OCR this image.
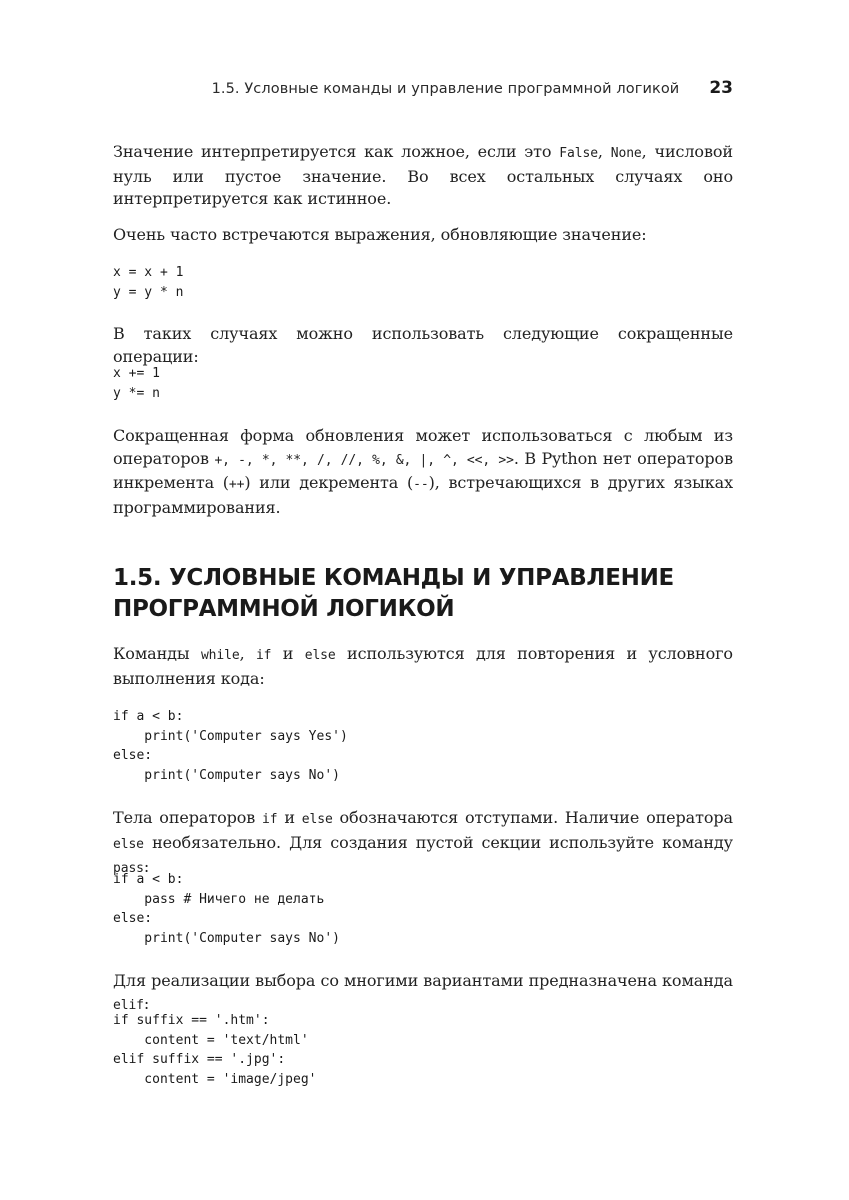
1.5. Условные команды и управление программной логикой 23

Значение интерпретируется как ложное, если это False, None, числовой нуль или пустое значение. Во всех остальных случаях оно интерпретируется как истинное.

Очень часто встречаются выражения, обновляющие значение:

x = x + 1
y = y * n

В таких случаях можно использовать следующие сокращенные операции:

x += 1
y *= n

Сокращенная форма обновления может использоваться с любым из операторов +, -, *, **, /, //, %, &, |, ^, <<, >>. В Python нет операторов инкремента (++) или декремента (--), встречающихся в других языках программирования.

1.5. УСЛОВНЫЕ КОМАНДЫ И УПРАВЛЕНИЕ
ПРОГРАММНОЙ ЛОГИКОЙ

Команды while, if и else используются для повторения и условного выполнения кода:

if a < b:
print('Computer says Yes')
else:
print('Computer says No')

Тела операторов if и else обозначаются отступами. Наличие оператора else необязательно. Для создания пустой секции используйте команду pass:

if a < b:
pass # Ничего не делать
else:
print('Computer says No')

Для реализации выбора со многими вариантами предназначена команда elif:

if suffix == '.htm':
content = 'text/html'
elif suffix == '.jpg':
content = 'image/jpeg'
